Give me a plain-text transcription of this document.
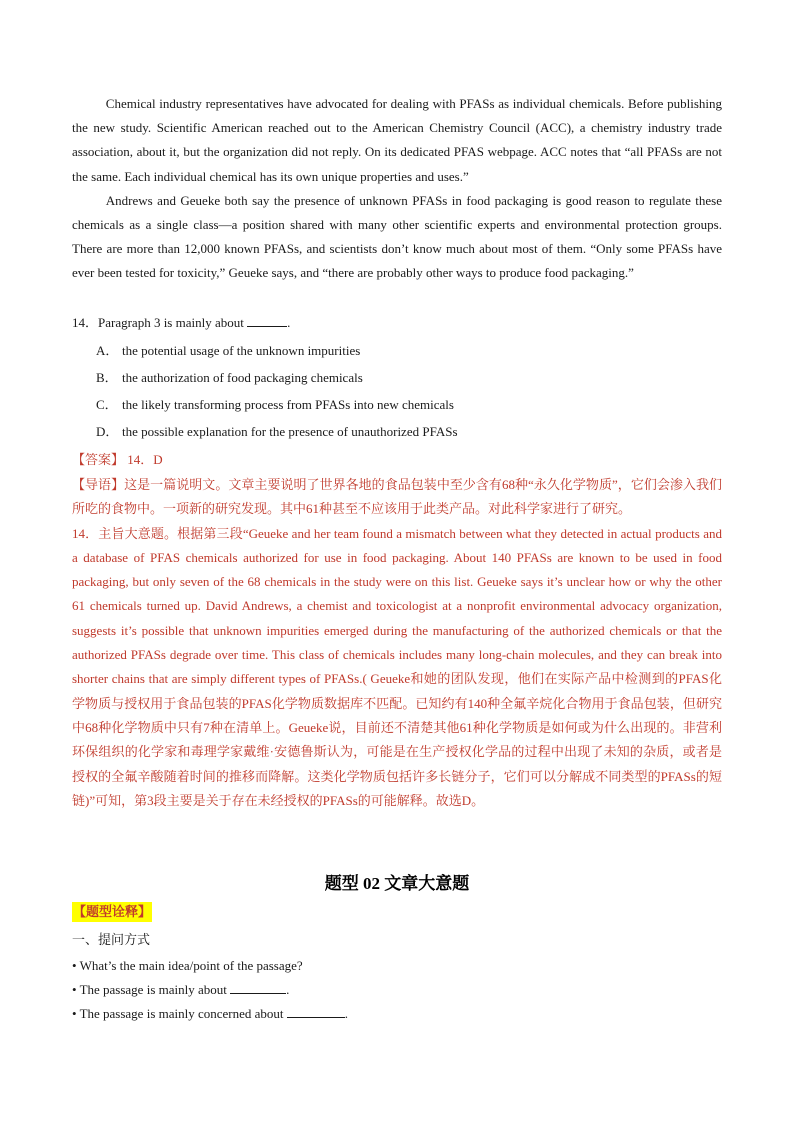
Chemical industry representatives have advocated for dealing with PFASs as individual chemicals. Before publishing the new study. Scientific American reached out to the American Chemistry Council (ACC), a chemistry industry trade association, about it, but the organization did not reply. On its dedicated PFAS webpage. ACC notes that “all PFASs are not the same. Each individual chemical has its own unique properties and uses.”

Andrews and Geueke both say the presence of unknown PFASs in food packaging is good reason to regulate these chemicals as a single class—a position shared with many other scientific experts and environmental protection groups. There are more than 12,000 known PFASs, and scientists don’t know much about most of them. “Only some PFASs have ever been tested for toxicity,” Geueke says, and “there are probably other ways to produce food packaging.”

14．Paragraph 3 is mainly about	.

A． the potential usage of the unknown impurities

B． the authorization of food packaging chemicals

C． the likely transforming process from PFASs into new chemicals

D． the possible explanation for the presence of unauthorized PFASs

【答案】 14．D

【导语】这是一篇说明文。文章主要说明了世界各地的食品包装中至少含有68种“永久化学物质”，它们会渗入我们所吃的食物中。一项新的研究发现。其中61种甚至不应该用于此类产品。对此科学家进行了研究。

14．主旨大意题。根据第三段“Geueke and her team found a mismatch between what they detected in actual products and a database of PFAS chemicals authorized for use in food packaging. About 140 PFASs are known to be used in food packaging, but only seven of the 68 chemicals in the study were on this list. Geueke says it’s unclear how or why the other 61 chemicals turned up. David Andrews, a chemist and toxicologist at a nonprofit environmental advocacy organization, suggests it’s possible that unknown impurities emerged during the manufacturing of the authorized chemicals or that the authorized PFASs degrade over time. This class of chemicals includes many long-chain molecules, and they can break into shorter chains that are simply different types of PFASs.( Geueke和她的团队发现，他们在实际产品中检测到的PFAS化学物质与授权用于食品包装的PFAS化学物质数据库不匹配。已知约有140种全氟辛烷化合物用于食品包装，但研究中68种化学物质中只有7种在清单上。Geueke说，目前还不清楚其他61种化学物质是如何或为什么出现的。非营利环保组织的化学家和毒理学家戴维·安德鲁斯认为，可能是在生产授权化学品的过程中出现了未知的杂质，或者是授权的全氟辛酸随着时间的推移而降解。这类化学物质包括许多长链分子，它们可以分解成不同类型的PFASs的短链)”可知，第3段主要是关于存在未经授权的PFASs的可能解释。故选D。

题型 02 文章大意题
【题型诠释】

一、提问方式

• What’s the main idea/point of the passage?

• The passage is mainly about	.

• The passage is mainly concerned about	.
